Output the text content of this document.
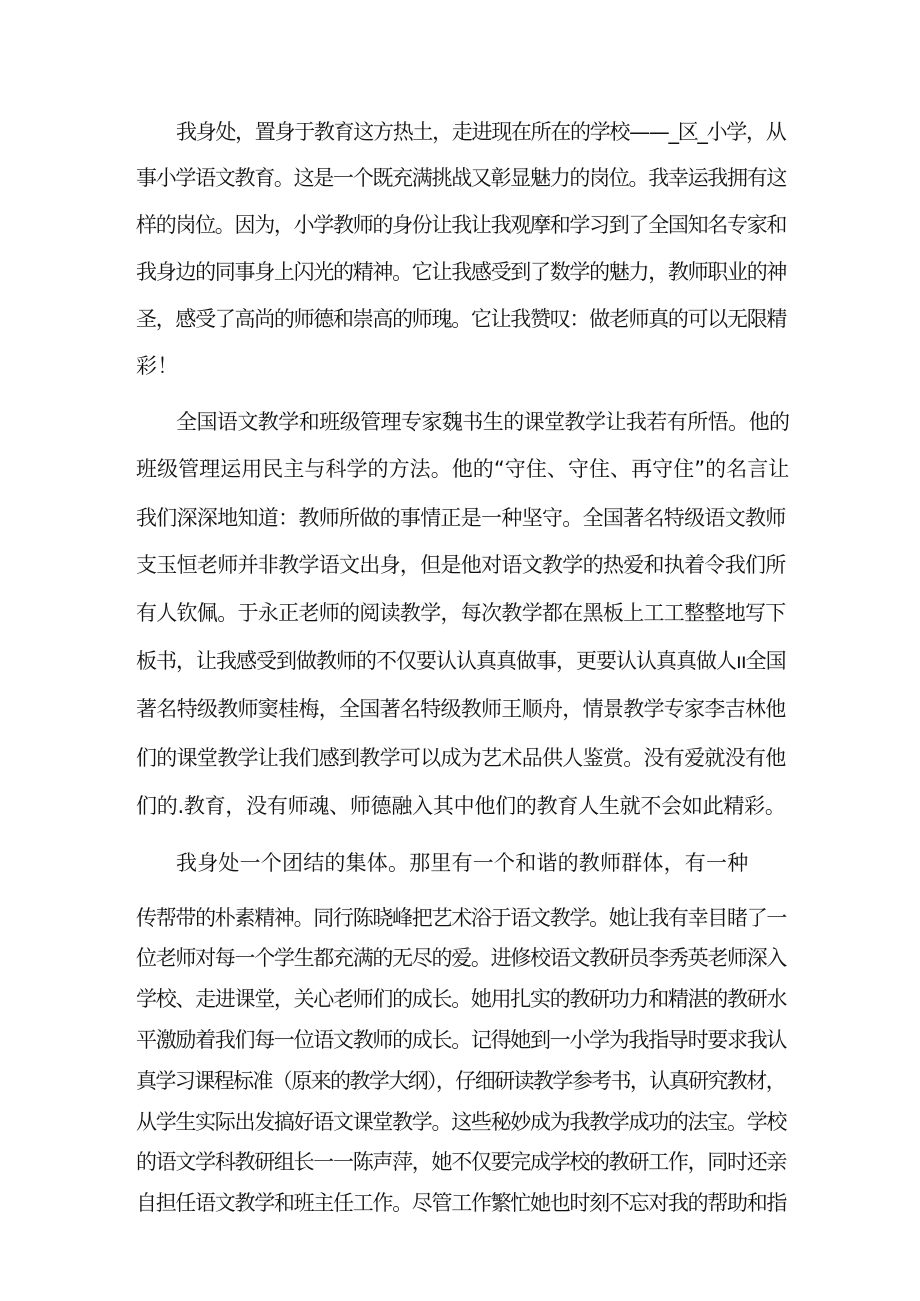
我身处，置身于教育这方热土，走进现在所在的学校——_区_小学，从
事小学语文教育。这是一个既充满挑战又彰显魅力的岗位。我幸运我拥有这
样的岗位。因为，小学教师的身份让我让我观摩和学习到了全国知名专家和
我身边的同事身上闪光的精神。它让我感受到了数学的魅力，教师职业的神
圣，感受了高尚的师德和崇高的师瑰。它让我赞叹：做老师真的可以无限精
彩！
全国语文教学和班级管理专家魏书生的课堂教学让我若有所悟。他的
班级管理运用民主与科学的方法。他的“守住、守住、再守住”的名言让
我们深深地知道：教师所做的事情正是一种坚守。全国著名特级语文教师
支玉恒老师并非教学语文出身，但是他对语文教学的热爱和执着令我们所
有人钦佩。于永正老师的阅读教学，每次教学都在黑板上工工整整地写下
板书，让我感受到做教师的不仅要认认真真做事，更要认认真真做人ıı全国
著名特级教师窦桂梅，全国著名特级教师王顺舟，情景教学专家李吉林他
们的课堂教学让我们感到教学可以成为艺术品供人鉴赏。没有爱就没有他
们的.教育，没有师魂、师德融入其中他们的教育人生就不会如此精彩。
我身处一个团结的集体。那里有一个和谐的教师群体，有一种
传帮带的朴素精神。同行陈晓峰把艺术浴于语文教学。她让我有幸目睹了一
位老师对每一个学生都充满的无尽的爱。进修校语文教研员李秀英老师深入
学校、走进课堂，关心老师们的成长。她用扎实的教研功力和精湛的教研水
平激励着我们每一位语文教师的成长。记得她到一小学为我指导时要求我认
真学习课程标准（原来的教学大纲），仔细研读教学参考书，认真研究教材，
从学生实际出发搞好语文课堂教学。这些秘妙成为我教学成功的法宝。学校
的语文学科教研组长一一陈声萍，她不仅要完成学校的教研工作，同时还亲
自担任语文教学和班主任工作。尽管工作繁忙她也时刻不忘对我的帮助和指
